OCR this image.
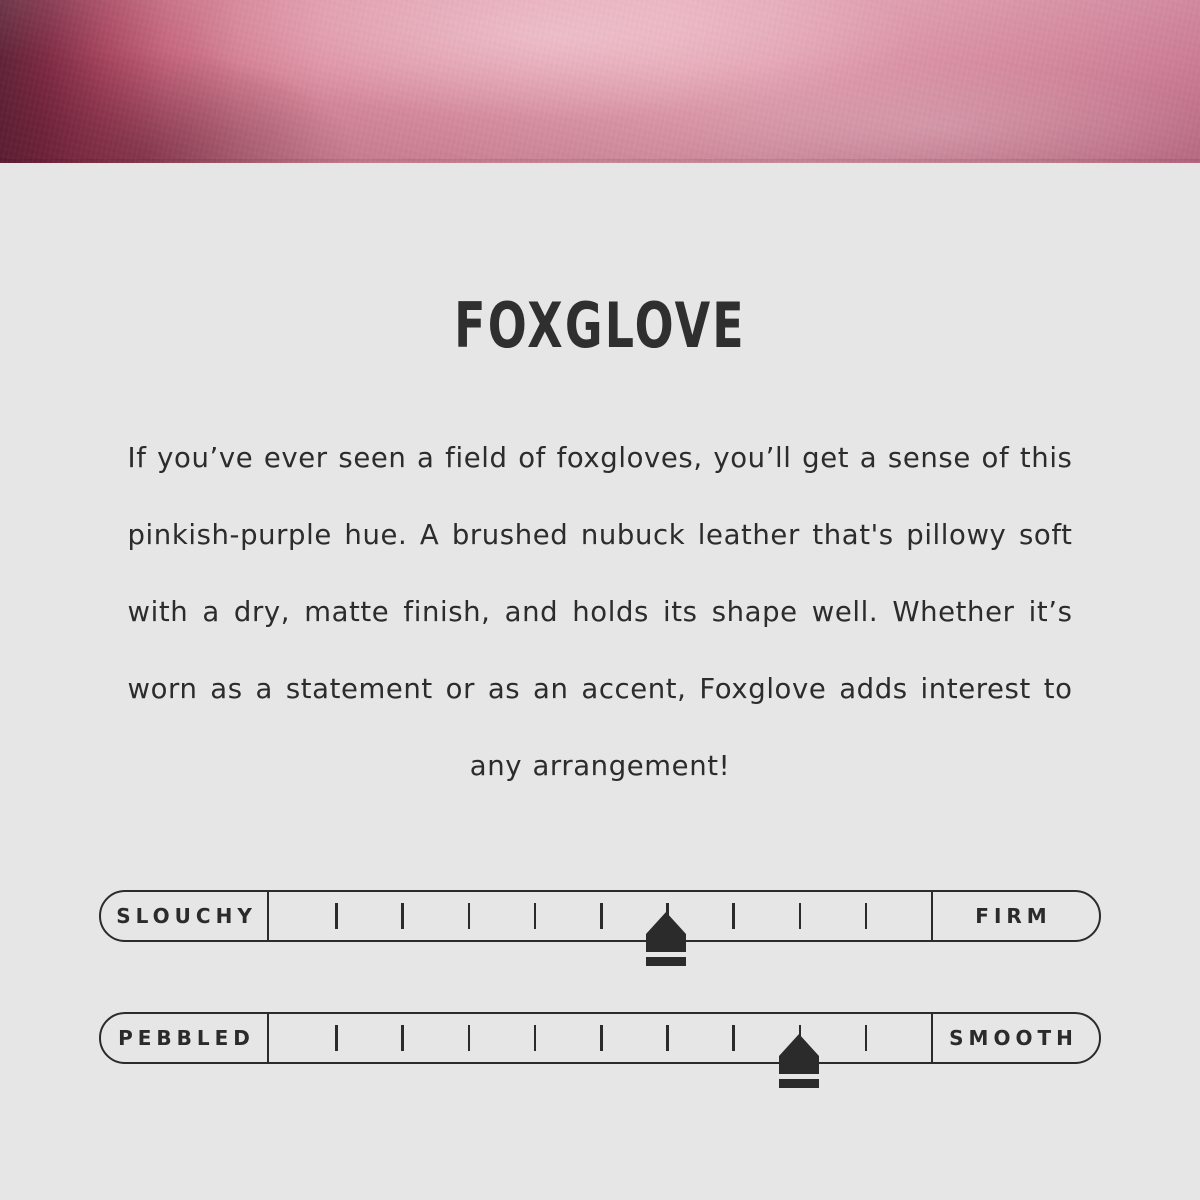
FOXGLOVE
If you’ve ever seen a field of foxgloves, you’ll get a sense of this pinkish-purple hue. A brushed nubuck leather that's pillowy soft with a dry, matte finish, and holds its shape well. Whether it’s worn as a statement or as an accent, Foxglove adds interest to any arrangement!
SLOUCHY	FIRM
PEBBLED	SMOOTH
